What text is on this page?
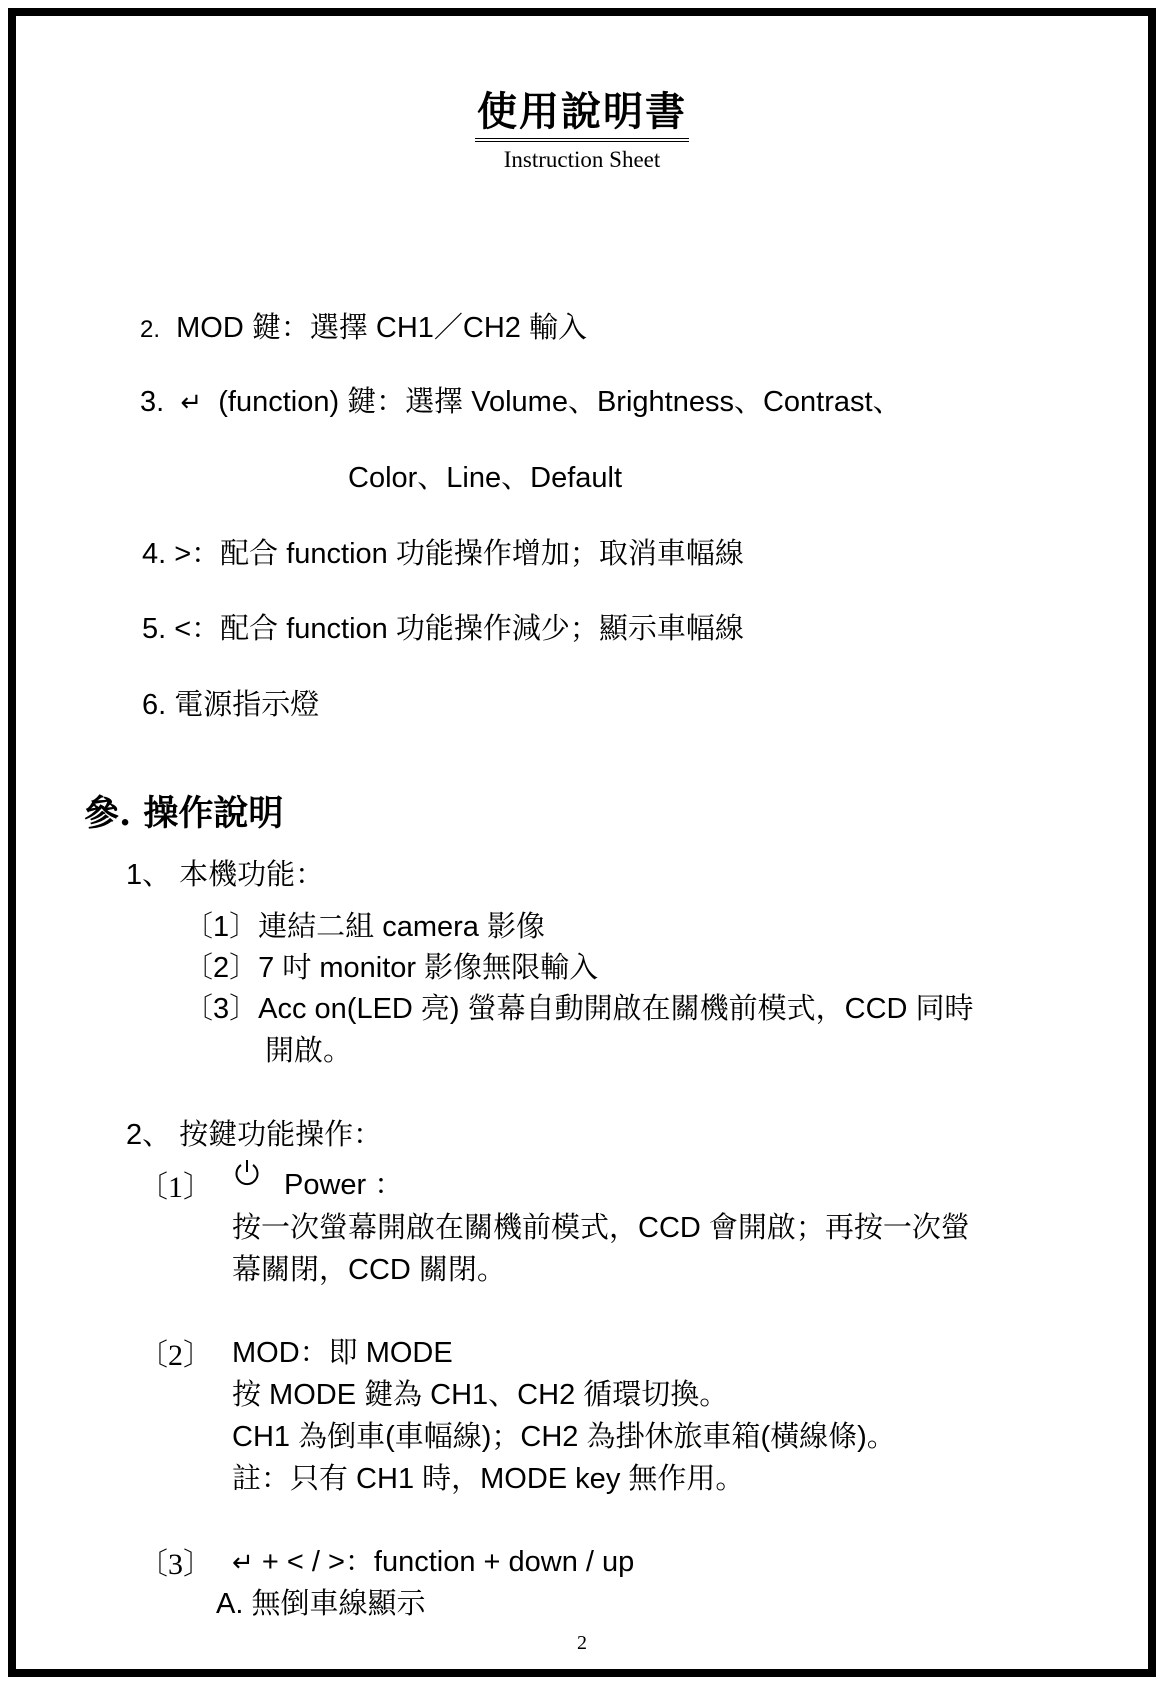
使用說明書
Instruction Sheet
2. MOD 鍵：選擇 CH1／CH2 輸入
3. ↵ (function) 鍵：選擇 Volume、Brightness、Contrast、
Color、Line、Default
4. >：配合 function 功能操作增加；取消車幅線
5. <：配合 function 功能操作減少；顯示車幅線
6. 電源指示燈
參. 操作說明
1、 本機功能：
〔1〕連結二組 camera 影像
〔2〕7 吋 monitor 影像無限輸入
〔3〕Acc on(LED 亮) 螢幕自動開啟在關機前模式，CCD 同時
開啟。
2、 按鍵功能操作：
〔1〕 Power ：
按一次螢幕開啟在關機前模式，CCD 會開啟；再按一次螢
幕關閉，CCD 關閉。
〔2〕 MOD：即 MODE
按 MODE 鍵為 CH1、CH2 循環切換。
CH1 為倒車(車幅線)；CH2 為掛休旅車箱(橫線條)。
註：只有 CH1 時，MODE key 無作用。
〔3〕 ↵ + < / >：function + down / up
A. 無倒車線顯示
2
